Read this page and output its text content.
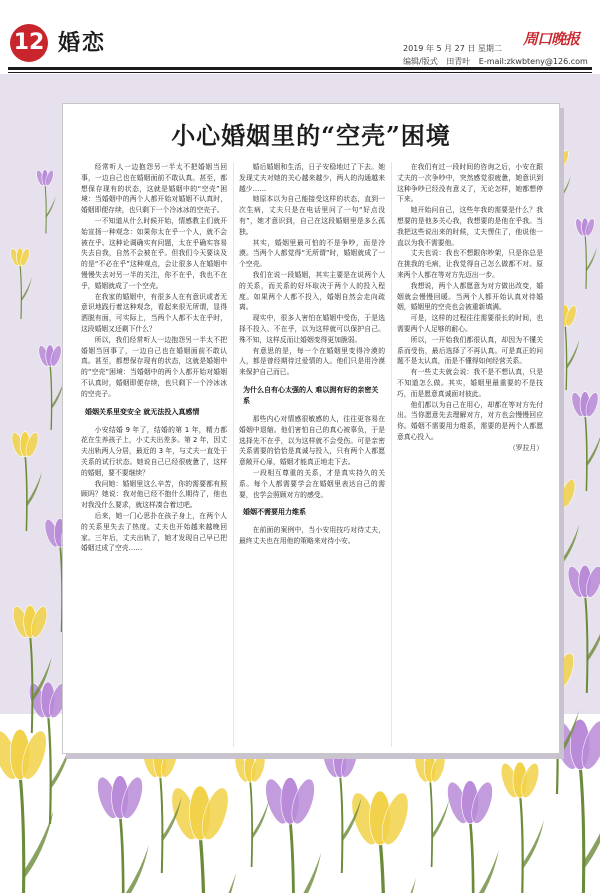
12 婚恋	2019 年 5 月 27 日 星期二
编辑/版式 田青叶 E-mail:zkwbteny@126.com
周口晚报
小心婚姻里的“空壳”困境

经常听人一边抱怨另一半太不把婚姻当回事，一边自己也在婚姻面前不敢认真。甚至，都想保存现有的状态，这就是婚姻中的“空壳”困境：当婚姻中的两个人都开始对婚姻不认真时，婚姻即便存续，也只剩下一个冷冰冰的空壳子。

一不知道从什么时候开始，情感教主们就开始宣扬一种观念：如果你太在乎一个人，就不会被在乎。这种论调确实有问题，太在乎确实容易失去自我，自然不会被在乎。但我们今天要谈及的是“不必在乎”这种观点，会让很多人在婚姻中慢慢失去对另一半的关注，你不在乎，我也不在乎，婚姻就成了一个空壳。

在我家的婚姻中，有很多人在有意识或者无意识地践行着这种观念，看起来很无所谓，显得洒脱有面，可实际上，当两个人都不太在乎时，这段婚姻又还剩下什么？

所以，我们经常听人一边抱怨另一半太不把婚姻当回事了，一边自己也在婚姻面前不敢认真。甚至，都想保存现有的状态，这就是婚姻中的“空壳”困境：当婚姻中的两个人都开始对婚姻不认真时，婚姻即便存续，也只剩下一个冷冰冰的空壳子。

婚姻关系里变安全 就无法投入真感情

小安结婚 9 年了，结婚的第 1 年，精力都花在生养孩子上，小丈夫出差多。第 2 年，因丈夫出轨两人分居，最近的 3 年，与丈夫一直处于关系的试行状态。她说自己已经很疲惫了，这样的婚姻，要不要继续？

我问她：婚姻里这么辛苦，你的需要都有照顾吗？她说：我对他已经不抱什么期待了，他也对我没什么要求，就这样凑合着过吧。

后来，她一门心思扑在孩子身上，在两个人的关系里失去了热度。丈夫也开始越来越晚回家。三年后，丈夫出轨了，她才发现自己早已把婚姻过成了空壳……

婚后婚姻和生活，日子安稳地过了下去。她发现丈夫对她的关心越来越少，两人的沟通越来越少……

她原本以为自己能接受这样的状态，直到一次生病，丈夫只是在电话里问了一句“好点没有”，她才意识到，自己在这段婚姻里是多么孤独。

其实，婚姻里最可怕的不是争吵，而是冷漠。当两个人都觉得“无所谓”时，婚姻就成了一个空壳。

我们在说一段婚姻，其实主要是在说两个人的关系，而关系的好坏取决于两个人的投入程度。如果两个人都不投入，婚姻自然会走向疏离。

现实中，很多人害怕在婚姻中受伤，于是选择不投入、不在乎，以为这样就可以保护自己。殊不知，这样反而让婚姻变得更加脆弱。

有意思的是，每一个在婚姻里变得冷漠的人，都是曾经期待过爱情的人。他们只是用冷漠来保护自己而已。

为什么自有心太强的人 难以拥有好的亲密关系

那些内心对情感很敏感的人，往往更容易在婚姻中退缩。他们害怕自己的真心被辜负，于是选择先不在乎，以为这样就不会受伤。可是亲密关系需要的恰恰是真诚与投入，只有两个人都愿意敞开心扉，婚姻才能真正地走下去。

一段相互尊重的关系，才是真实持久的关系。每个人都需要学会在婚姻里表达自己的需要，也学会照顾对方的感受。

婚姻不需要用力维系

在前面的案例中，当小安用技巧对待丈夫，最终丈夫也在用他的策略来对待小安。

在我们有过一段时间的咨询之后，小安在跟丈夫的一次争吵中，突然感觉很疲惫，她意识到这种争吵已经没有意义了，无论怎样，她都想停下来。

她开始问自己，这些年我的需要是什么？我想要的是他多关心我，我想要的是他在乎我。当我把这些说出来的时候，丈夫愣住了，他说他一直以为我不需要他。

丈夫也说：我也不想跟你吵架，只是你总是在挑我的毛病，让我觉得自己怎么做都不对。原来两个人都在等对方先迈出一步。

我想说，两个人都愿意为对方做出改变，婚姻就会慢慢回暖。当两个人都开始认真对待婚姻，婚姻里的空壳也会被重新填满。

可是，这样的过程往往需要很长的时间，也需要两个人足够的耐心。

所以，一开始我们都很认真，却因为不懂关系而受伤，最后选择了不再认真。可是真正的问题不是太认真，而是不懂得如何经营关系。

有一些丈夫就会说：我不是不想认真，只是不知道怎么做。其实，婚姻里最重要的不是技巧，而是愿意真诚面对彼此。

他们都以为自己在用心，却都在等对方先付出。当你愿意先去理解对方，对方也会慢慢回应你。婚姻不需要用力维系，需要的是两个人都愿意真心投入。

（罗拉月）
